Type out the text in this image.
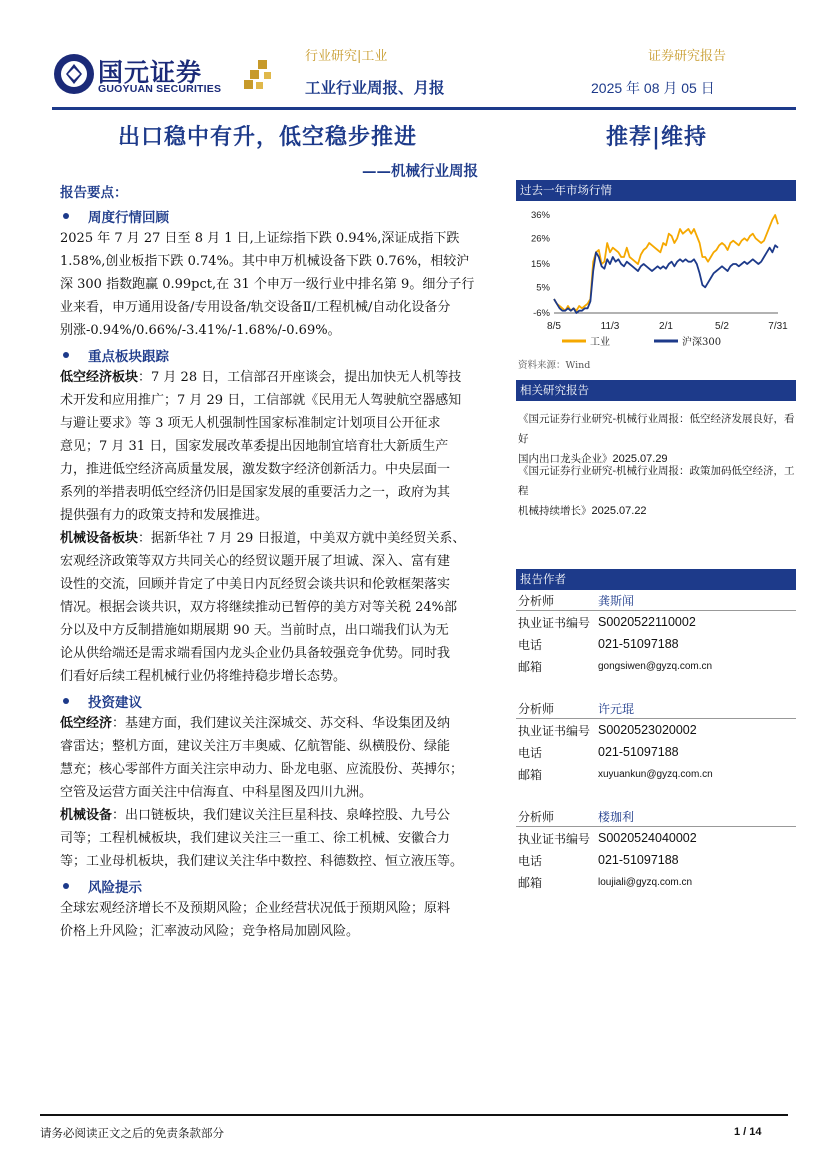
国元证券
GUOYUAN SECURITIES
行业研究|工业	证券研究报告
工业行业周报、月报	2025 年 08 月 05 日
出口稳中有升，低空稳步推进
——机械行业周报
推荐|维持
报告要点：
周度行情回顾
2025 年 7 月 27 日至 8 月 1 日,上证综指下跌 0.94%,深证成指下跌
1.58%,创业板指下跌 0.74%。其中申万机械设备下跌 0.76%，相较沪
深 300 指数跑赢 0.99pct,在 31 个申万一级行业中排名第 9。细分子行
业来看，申万通用设备/专用设备/轨交设备Ⅱ/工程机械/自动化设备分
别涨-0.94%/0.66%/-3.41%/-1.68%/-0.69%。
重点板块跟踪
低空经济板块：7 月 28 日，工信部召开座谈会，提出加快无人机等技
术开发和应用推广；7 月 29 日，工信部就《民用无人驾驶航空器感知
与避让要求》等 3 项无人机强制性国家标准制定计划项目公开征求
意见；7 月 31 日，国家发展改革委提出因地制宜培育壮大新质生产
力，推进低空经济高质量发展，激发数字经济创新活力。中央层面一
系列的举措表明低空经济仍旧是国家发展的重要活力之一，政府为其
提供强有力的政策支持和发展推进。
机械设备板块：据新华社 7 月 29 日报道，中美双方就中美经贸关系、
宏观经济政策等双方共同关心的经贸议题开展了坦诚、深入、富有建
设性的交流，回顾并肯定了中美日内瓦经贸会谈共识和伦敦框架落实
情况。根据会谈共识，双方将继续推动已暂停的美方对等关税 24%部
分以及中方反制措施如期展期 90 天。当前时点，出口端我们认为无
论从供给端还是需求端看国内龙头企业仍具备较强竞争优势。同时我
们看好后续工程机械行业仍将维持稳步增长态势。
投资建议
低空经济：基建方面，我们建议关注深城交、苏交科、华设集团及纳
睿雷达；整机方面，建议关注万丰奥威、亿航智能、纵横股份、绿能
慧充；核心零部件方面关注宗申动力、卧龙电驱、应流股份、英搏尔；
空管及运营方面关注中信海直、中科星图及四川九洲。
机械设备：出口链板块，我们建议关注巨星科技、泉峰控股、九号公
司等；工程机械板块，我们建议关注三一重工、徐工机械、安徽合力
等；工业母机板块，我们建议关注华中数控、科德数控、恒立液压等。
风险提示
全球宏观经济增长不及预期风险；企业经营状况低于预期风险；原料
价格上升风险；汇率波动风险；竞争格局加剧风险。
过去一年市场行情
36%
26%
15%
5%
-6%
8/5	11/3	2/1	5/2	7/31
工业	沪深300
资料来源：Wind
相关研究报告
《国元证券行业研究-机械行业周报：低空经济发展良好，看好
国内出口龙头企业》2025.07.29
《国元证券行业研究-机械行业周报：政策加码低空经济，工程
机械持续增长》2025.07.22
报告作者
分析师	龚斯闻
执业证书编号 S0020522110002
电话	021-51097188
邮箱	gongsiwen@gyzq.com.cn
分析师	许元琨
执业证书编号 S0020523020002
电话	021-51097188
邮箱	xuyuankun@gyzq.com.cn
分析师	楼珈利
执业证书编号 S0020524040002
电话	021-51097188
邮箱	loujiali@gyzq.com.cn
请务必阅读正文之后的免责条款部分	1 / 14
